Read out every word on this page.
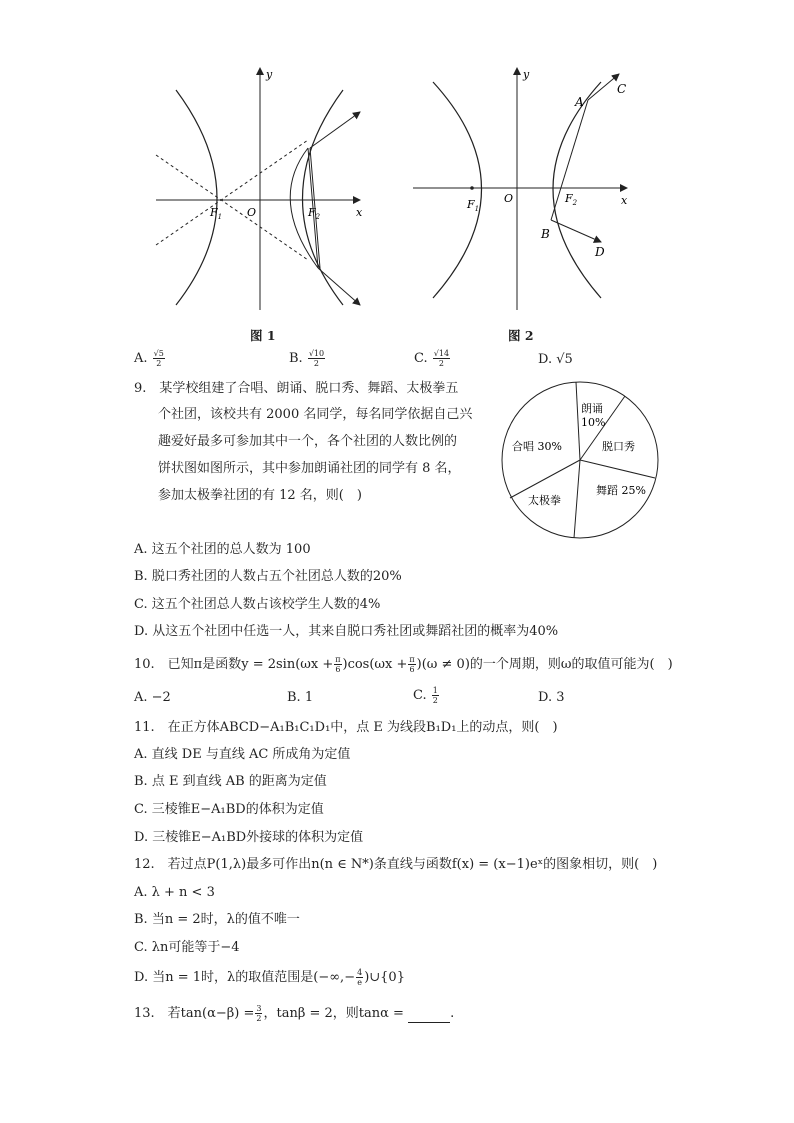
y
x
O
$F_1$	$F_2$
图 1
y
x
O
$F_1$
$F_2$
A
B
C
D
图 2
A. $\frac{√5}{2}$	B. $\frac{√10}{2}$	C. $\frac{√14}{2}$	D. √5
9.　某学校组建了合唱、朗诵、脱口秀、舞蹈、太极拳五
个社团，该校共有 2000 名同学，每名同学依据自己兴
趣爱好最多可参加其中一个，各个社团的人数比例的
饼状图如图所示，其中参加朗诵社团的同学有 8 名，
参加太极拳社团的有 12 名，则(　)
朗诵
10%
脱口秀
舞蹈 25%
太极拳
合唱 30%
A. 这五个社团的总人数为 100
B. 脱口秀社团的人数占五个社团总人数的20%
C. 这五个社团总人数占该校学生人数的4%
D. 从这五个社团中任选一人，其来自脱口秀社团或舞蹈社团的概率为40%
10.　已知π是函数$y = 2\sin(\omega x + \frac{\pi}{6} )\cos(\omega x + \frac{\pi}{6} )(\omega \ne 0)$的一个周期，则ω的取值可能为(　)
A. −2	B. 1	C. $\frac{1}{2}$	D. 3
11.　在正方体ABCD−A₁B₁C₁D₁中，点 E 为线段B₁D₁上的动点，则(　)
A. 直线 DE 与直线 AC 所成角为定值
B. 点 E 到直线 AB 的距离为定值
C. 三棱锥E−A₁BD的体积为定值
D. 三棱锥E−A₁BD外接球的体积为定值
12.　若过点P(1,λ)最多可作出n(n ∈ N*)条直线与函数f(x) = (x−1)eˣ的图象相切，则(　)
A. λ + n < 3
B. 当n = 2时，λ的值不唯一
C. λn可能等于−4
D. 当n = 1时，λ的取值范围是(−∞,− $\frac{4}{e}$ )∪{0}
13.　若$\tan(\alpha-\beta) = \frac{3}{2}$ ，tanβ = 2，则tanα =	.
